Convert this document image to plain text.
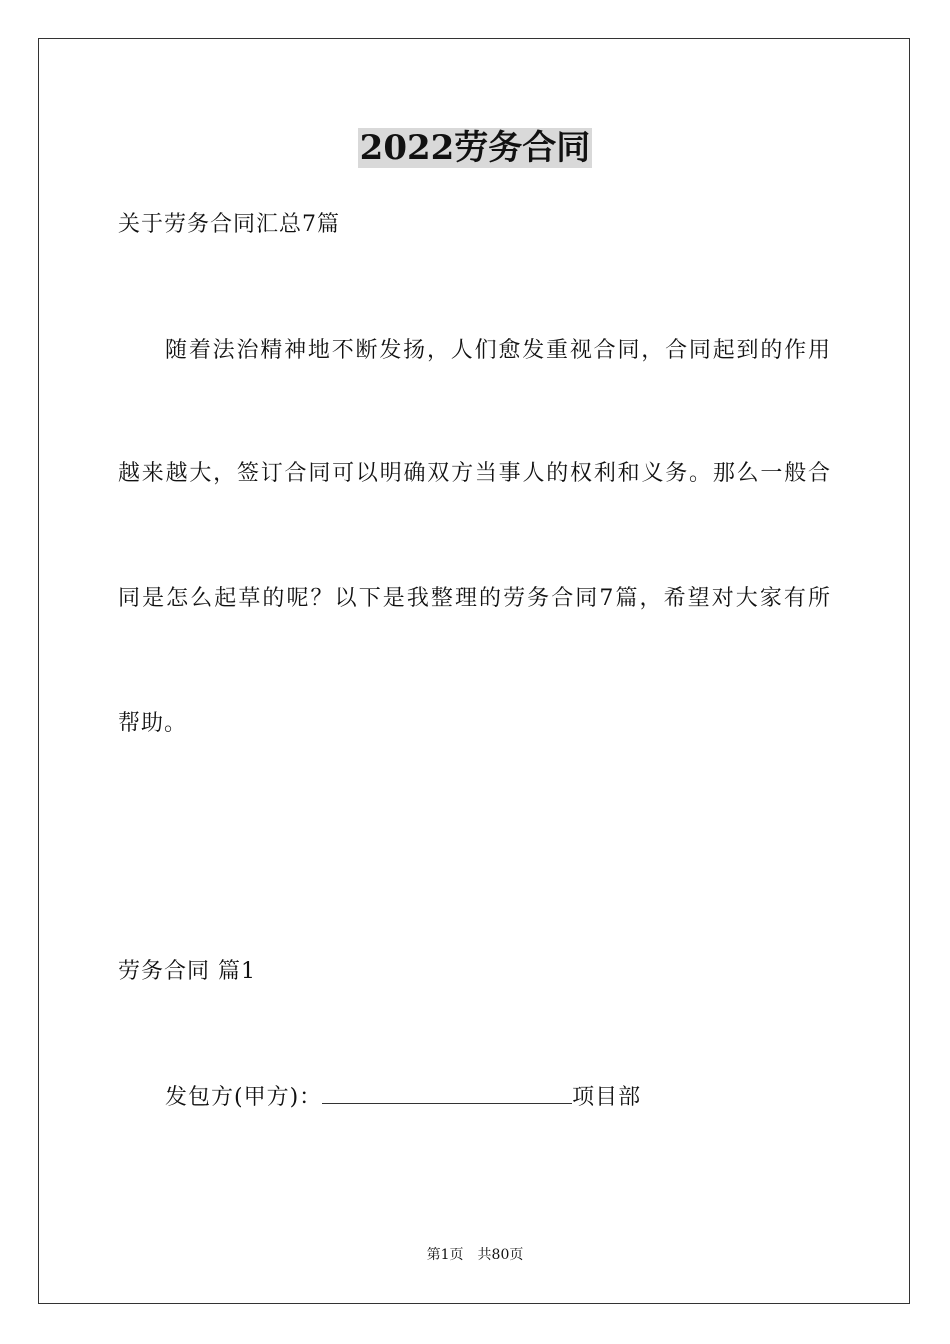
2022劳务合同
关于劳务合同汇总7篇
随着法治精神地不断发扬，人们愈发重视合同，合同起到的作用
越来越大，签订合同可以明确双方当事人的权利和义务。那么一般合
同是怎么起草的呢？以下是我整理的劳务合同7篇，希望对大家有所
帮助。
劳务合同 篇1
发包方(甲方)：	项目部
第1页 共80页
